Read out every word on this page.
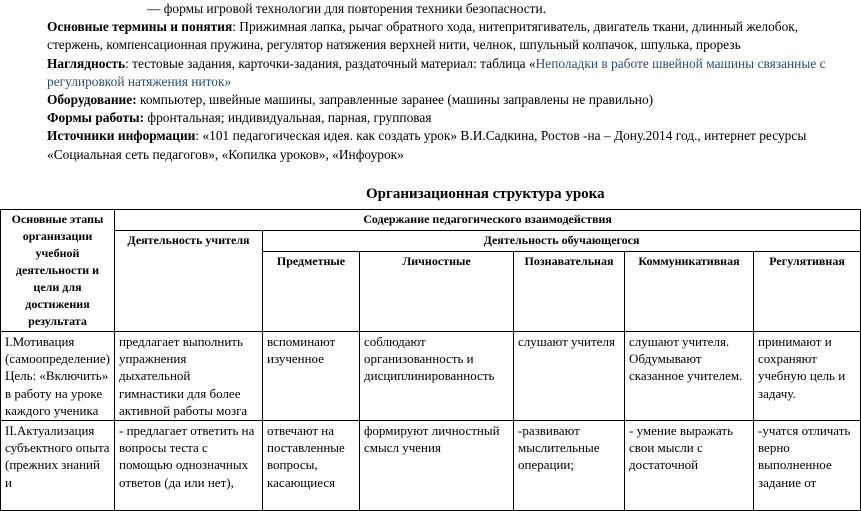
— формы игровой технологии для повторения техники безопасности.

Основные термины и понятия: Прижимная лапка, рычаг обратного хода, нитепритягиватель, двигатель ткани, длинный желобок,

стержень, компенсационная пружина, регулятор натяжения верхней нити, челнок, шпульный колпачок, шпулька, прорезь

Наглядность: тестовые задания, карточки-задания, раздаточный материал: таблица «Неполадки в работе швейной машины связанные с

регулировкой натяжения ниток»

Оборудование: компьютер, швейные машины, заправленные заранее (машины заправлены не правильно)

Формы работы: фронтальная; индивидуальная, парная, групповая

Источники информации: «101 педагогическая идея. как создать урок» В.И.Садкина, Ростов -на – Дону.2014 год., интернет ресурсы

«Социальная сеть педагогов», «Копилка уроков», «Инфоурок»

Организационная структура урока
Основные этапы организации учебной деятельности и цели для достижения результата	Содержание педагогического взаимодействия					
	Деятельность учителя	Деятельность обучающегося				
		Предметные	Личностные	Познавательная	Коммуникативная	Регулятивная
I.Мотивация (самоопределение) Цель: «Включить» в работу на уроке каждого ученика	предлагает выполнить упражнения дыхательной гимнастики для более активной работы мозга	вспоминают изученное	соблюдают организованность и дисциплинированность	слушают учителя	слушают учителя. Обдумывают сказанное учителем.	принимают и сохраняют учебную цель и задачу.
II.Актуализация субъектного опыта (прежних знаний и	- предлагает ответить на вопросы теста с помощью однозначных ответов (да или нет),	отвечают на поставленные вопросы, касающиеся	формируют личностный смысл учения	-развивают мыслительные операции;	- умение выражать свои мысли с достаточной	-учатся отличать верно выполненное задание от
